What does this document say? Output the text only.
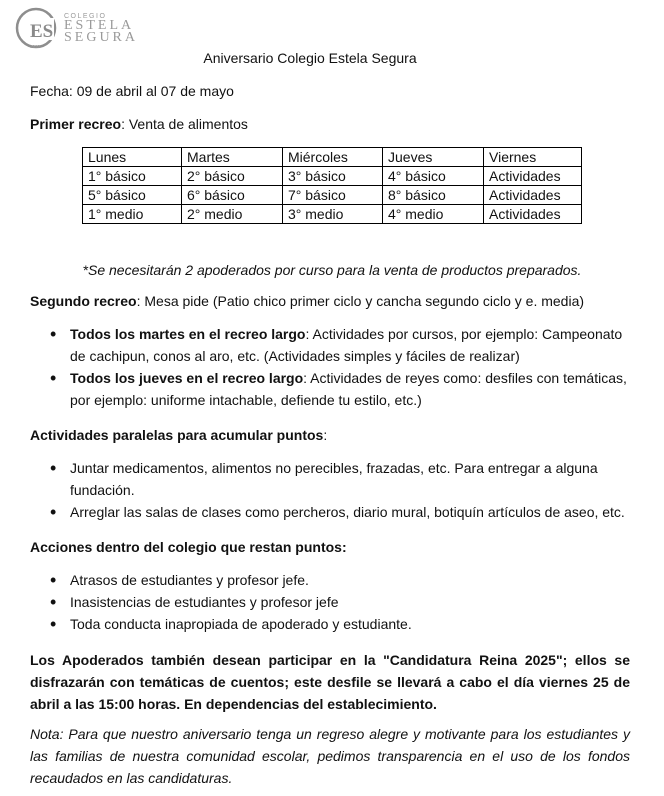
ES
1970
COLEGIO
ESTELA
SEGURA
Aniversario Colegio Estela Segura
Fecha: 09 de abril al 07 de mayo
Primer recreo: Venta de alimentos
Lunes	Martes	Miércoles	Jueves	Viernes
1° básico	2° básico	3° básico	4° básico	Actividades
5° básico	6° básico	7° básico	8° básico	Actividades
1° medio	2° medio	3° medio	4° medio	Actividades
*Se necesitarán 2 apoderados por curso para la venta de productos preparados.
Segundo recreo: Mesa pide (Patio chico primer ciclo y cancha segundo ciclo y e. media)
• Todos los martes en el recreo largo: Actividades por cursos, por ejemplo: Campeonato de cachipun, conos al aro, etc. (Actividades simples y fáciles de realizar)
• Todos los jueves en el recreo largo: Actividades de reyes como: desfiles con temáticas, por ejemplo: uniforme intachable, defiende tu estilo, etc.)
Actividades paralelas para acumular puntos:
• Juntar medicamentos, alimentos no perecibles, frazadas, etc. Para entregar a alguna fundación.
• Arreglar las salas de clases como percheros, diario mural, botiquín artículos de aseo, etc.
Acciones dentro del colegio que restan puntos:
• Atrasos de estudiantes y profesor jefe.
• Inasistencias de estudiantes y profesor jefe
• Toda conducta inapropiada de apoderado y estudiante.
Los Apoderados también desean participar en la "Candidatura Reina 2025"; ellos se disfrazarán con temáticas de cuentos; este desfile se llevará a cabo el día viernes 25 de abril a las 15:00 horas. En dependencias del establecimiento.
Nota: Para que nuestro aniversario tenga un regreso alegre y motivante para los estudiantes y las familias de nuestra comunidad escolar, pedimos transparencia en el uso de los fondos recaudados en las candidaturas.
